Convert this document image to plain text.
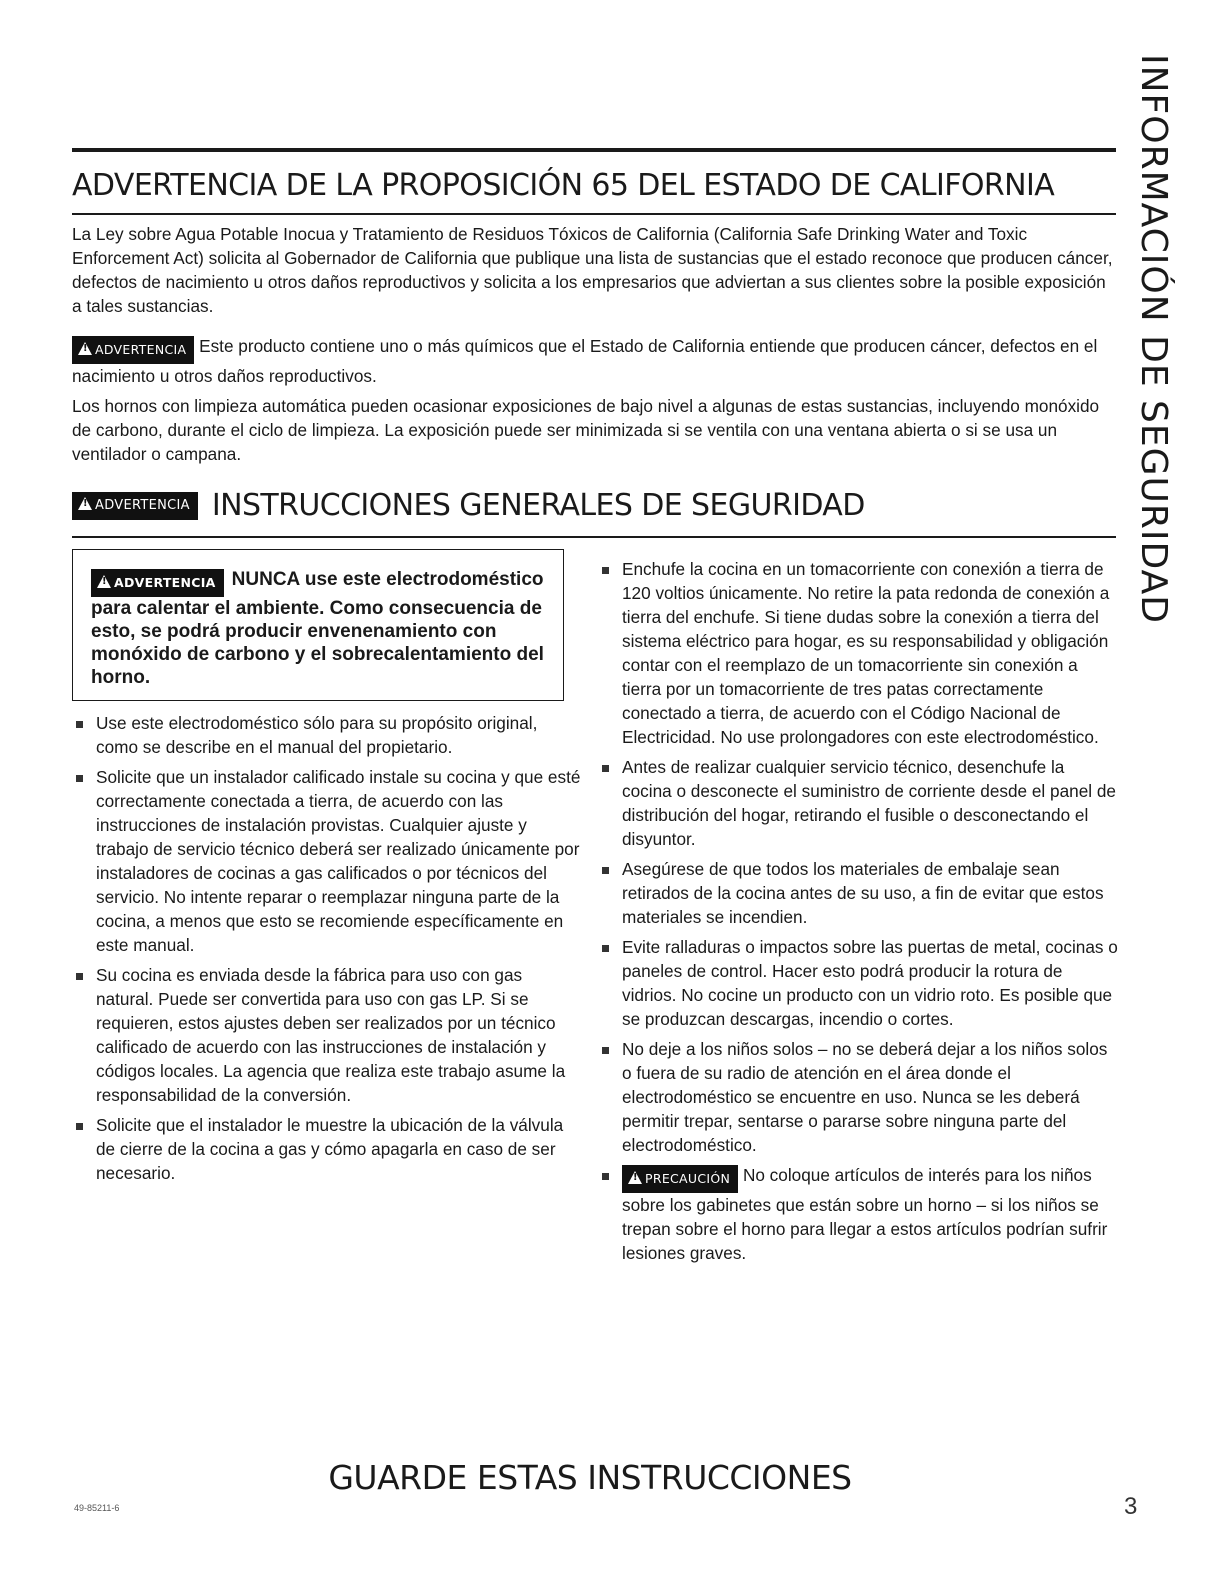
INFORMACIÓN DE SEGURIDAD
ADVERTENCIA DE LA PROPOSICIÓN 65 DEL ESTADO DE CALIFORNIA

La Ley sobre Agua Potable Inocua y Tratamiento de Residuos Tóxicos de California (California Safe Drinking Water and Toxic Enforcement Act) solicita al Gobernador de California que publique una lista de sustancias que el estado reconoce que producen cáncer, defectos de nacimiento u otros daños reproductivos y solicita a los empresarios que adviertan a sus clientes sobre la posible exposición a tales sustancias.

!ADVERTENCIA Este producto contiene uno o más químicos que el Estado de California entiende que producen cáncer, defectos en el nacimiento u otros daños reproductivos.

Los hornos con limpieza automática pueden ocasionar exposiciones de bajo nivel a algunas de estas sustancias, incluyendo monóxido de carbono, durante el ciclo de limpieza. La exposición puede ser minimizada si se ventila con una ventana abierta o si se usa un ventilador o campana.

!ADVERTENCIA INSTRUCCIONES GENERALES DE SEGURIDAD
!ADVERTENCIA NUNCA use este electrodoméstico para calentar el ambiente. Como consecuencia de esto, se podrá producir envenenamiento con monóxido de carbono y el sobrecalentamiento del horno.
Use este electrodoméstico sólo para su propósito original, como se describe en el manual del propietario.
Solicite que un instalador calificado instale su cocina y que esté correctamente conectada a tierra, de acuerdo con las instrucciones de instalación provistas. Cualquier ajuste y trabajo de servicio técnico deberá ser realizado únicamente por instaladores de cocinas a gas calificados o por técnicos del servicio. No intente reparar o reemplazar ninguna parte de la cocina, a menos que esto se recomiende específicamente en este manual.
Su cocina es enviada desde la fábrica para uso con gas natural. Puede ser convertida para uso con gas LP. Si se requieren, estos ajustes deben ser realizados por un técnico calificado de acuerdo con las instrucciones de instalación y códigos locales. La agencia que realiza este trabajo asume la responsabilidad de la conversión.
Solicite que el instalador le muestre la ubicación de la válvula de cierre de la cocina a gas y cómo apagarla en caso de ser necesario.
Enchufe la cocina en un tomacorriente con conexión a tierra de 120 voltios únicamente. No retire la pata redonda de conexión a tierra del enchufe. Si tiene dudas sobre la conexión a tierra del sistema eléctrico para hogar, es su responsabilidad y obligación contar con el reemplazo de un tomacorriente sin conexión a tierra por un tomacorriente de tres patas correctamente conectado a tierra, de acuerdo con el Código Nacional de Electricidad. No use prolongadores con este electrodoméstico.
Antes de realizar cualquier servicio técnico, desenchufe la cocina o desconecte el suministro de corriente desde el panel de distribución del hogar, retirando el fusible o desconectando el disyuntor.
Asegúrese de que todos los materiales de embalaje sean retirados de la cocina antes de su uso, a fin de evitar que estos materiales se incendien.
Evite ralladuras o impactos sobre las puertas de metal, cocinas o paneles de control. Hacer esto podrá producir la rotura de vidrios. No cocine un producto con un vidrio roto. Es posible que se produzcan descargas, incendio o cortes.
No deje a los niños solos – no se deberá dejar a los niños solos o fuera de su radio de atención en el área donde el electrodoméstico se encuentre en uso. Nunca se les deberá permitir trepar, sentarse o pararse sobre ninguna parte del electrodoméstico.
!PRECAUCIÓN No coloque artículos de interés para los niños sobre los gabinetes que están sobre un horno – si los niños se trepan sobre el horno para llegar a estos artículos podrían sufrir lesiones graves.
GUARDE ESTAS INSTRUCCIONES
49-85211-6	3
